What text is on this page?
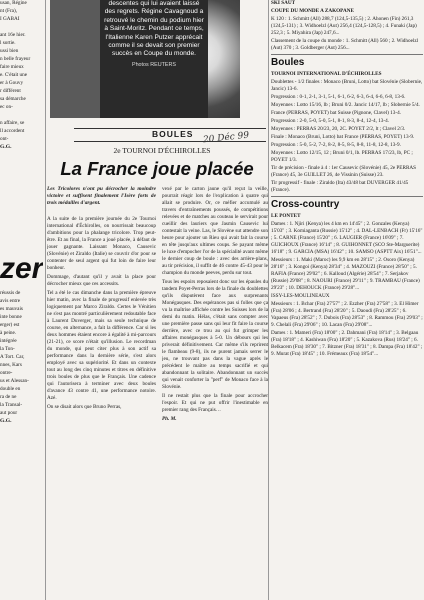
usan, Régine
nt (Fra),
I GABAI

ant 16e hier.
l sortie.
ussi bien
n belle frayeur
faire mieux
e. C'était une
er à Gouvy
r différent
sa démarche
ec on-

n affaire, se
ll accordent
ont-
G.G.
zer
réussis de
avis entre
es mauvais
inte bonne
erger) est
à peine.
intégrée
la Ton-
A Tort. Car,
nnes, Kars
ontre-
us et Alessan-
double en
ra de ne
la Transal-
aut pour
G.G.
descentes qui lui avaient laissé des regrets. Régine Cavagnoud a retrouvé le chemin du podium hier à Saint-Moritz. Pendant ce temps, l'Italienne Karen Putzer apprécait comme il se devait son premier succès en Coupe du monde.
Photos REUTERS
BOULES 20 Déc 99
2e TOURNOI D'ÉCHIROLLES
La France joue placée
Les Tricolores n'ont pu décrocher la moindre victoire et suffisent finalement l'Isère forts de trois médailles d'argent.

A la suite de la première journée du 2e Tournoi international d'Échirolles, on nourrissait beaucoup d'ambitions pour la phalange tricolore. Trop peut-être. Et au final, la France a joué placée, à défaut de jouer gagnante. Laissant Monaco, Causevic (Slovénie) et Ziraldo (Italie) se couvrir d'or pour se contenter de seul argent qui fut loin de faire leur bonheur.

Dommage, d'autant qu'il y avait la place pour décrocher mieux que ces accessits.

Tel a été le cas dimanche dans la première épreuve hier matin, avec la finale de progressif enlevée très logiquement par Marco Ziraldo. Certes le Vénitien ne s'est pas montré particulièrement redoutable face à Laurent Duverger, mais sa seule technique de course, en alternance, a fait la différence. Car si les deux hommes étaient encore à égalité à mi-parcours (21-21), ce score n'était qu'illusion. Le recordman du monde, qui peut citer plus à son actif sa performance dans la dernière série, s'est alors employé avec sa supériorité. Et dans un contexte tout au long des cinq minutes et titres en définitive trois boules de plus que le Français. Une cadence qui l'autorisera à terminer avec deux boules d'avance 43 contre 41, une performance notoire. Azé.

On se disait alors que Bruno Perras,

vexé par le carton jaune qu'il reçut la veille, pourrait réagir lors de l'explication à quatre qui allait se produire. Or, ce méfier accumulé au travers d'entraînements poussés, de compétitions relevées et de matches au couteau le servirait pour cueillir des lauriers que Jasmin Causevic lui contestait la veine. Las, le Slovène sut attendre son heure pour ajouter un Rieu qui avait fait la course en tête jusqu'aux ultimes coups. Se payant même le luxe d'empocher l'or de la spécialité avant même le dernier coup de boule : avec des arrière-plans, au tir précision, il suffit de 46 contre 45-43 pour le champion du monde peeves, perdu sur tout.

Tous les espoirs reposaient donc sur les épaules du tandem Poyet-Perras lors de la finale du doublettes qu'ils disputèrent face aux surprenants Monégasques. Des espérances pas si folles que ça vu la maîtrise affichée contre les Suisses lors de la demi du matin. Hélas, c'était sans compter avec une première passe sans qui leur fit faire la course derrière, avec ce trou au qui fut grimper les affaires monégasques à 5-0. Un débours qui les priverait définitivement. Car même s'ils reprirent le flambeau (9-8), ils ne purent jamais serrer le jeu, ne trouvant pas dans la vague après le précédent le maître au temps sacrifié et qui abandonnant la solitaire. Abandonnant un succès qui venait conforter la "perf" de Monaco face à la Slovénie.

Il ne restait plus que la finale pour accrocher l'espoir. Et qui ne put offrir l'inestimable en premier rang des Français…

Ph. M.

SKI SAUT
COUPE DU MONDE A ZAKOPANE
K 120 : 1. Schmitt (All) 288,7 (124,5-135,5) ; 2. Ahonen (Fin) 261,3 (124,5-131) ; 3. Widhoelzl (Aut) 256,4 (124,5-128,5) ; 4. Funaki (Jap) 252,3 ; 5. Miyahira (Jap) 247,6...
Classement de la coupe du monde : 1. Schmitt (All) 560 ; 2. Widhoelzl (Aut) 370 ; 3. Goldberger (Aut) 256...
Boules
TOURNOI INTERNATIONAL D'ÉCHIROLLES
Doublettes - 1/2 finales : Monaco (Bruni, Lotto) bat Slovénie (Slobernie, Jancic) 13-6.
Progression : 0-1, 2-1, 3-1, 5-1, 6-1, 6-2, 6-3, 6-4, 6-6, 6-8, 13-6.
Moyennes : Lotto 15/16, lb ; Bruni 0/2. Jancic 14/17, lb ; Slobernie 5/4.
France (PERRAS, POYET) bat Suisse (Pignone, Clavel) 13-4.
Progression : 2-0, 5-0, 5-0, 5-1, 8-1, 8-3, 8-4, 12-4, 13-4.
Moyennes : PERRAS 20/23, 20, 2C. POYET 2/2, lt ; Clavel 2/3.
Finale : Monaco (Bruni, Lotto) bat France (PERRAS, POYET) 13-9.
Progression : 5-0, 5-2, 7-2, 8-2, 8-5, 8-5, 8-8, 11-8, 12-8, 13-9.
Moyennes : Lotto 12/15, 12 ; Bruni 0/1, lb. PERRAS 17/23, lb, PC ; POYET 1/3.
Tir de précision - finale à 4 : 1er Causevic (Slovénie) 45, 2e PERRAS (France) 45, 3e GUILLET 26, 4e Vissinin (Suisse) 23.
Tir progressif - finale : Ziraldo (Ita) 43/48 bat DUVERGER 41/45 (France).
Cross-country
LE PONTET
Dames : 1. Njiri (Kenya) les 4 km en 14'45" ; 2. Gonzales (Kenya) 15'03" ; 3. Komiaganta (Russie) 15'12" ; 4. DAL-LENBACH (Fr) 15'16" ; 5. CARNE (France) 15'20" ; 6. LAUGIER (France) 16'09" ; 7. GUICHOUX (France) 16'14" ; 8. GUIHONNET (SCO Ste-Marguerite) 16'18" ; 9. GARCIA (MSA) 16'42" ; 10. SAMSO (ASPTT Aix) 16'51"...
Messieurs : 1. Maki (Maroc) les 9,9 km en 28'15" ; 2. Osoro (Kenya) 28'16" ; 3. Kongoi (Kenya) 28'34" ; 4. MAZOUZI (France) 28'50" ; 5. RAFIA (France) 29'02" ; 6. Kalloud (Algérie) 28'54" ; 7. Serjakov (Russie) 29'08" ; 8. NAOURI (France) 29'11" ; 9. TRAMBAU (France) 29'23" ; 10. DEHOUCK (France) 29'28"...
ISSY-LES-MOULINEAUX
Messieurs : 1. Bchar (Fra) 27'57" ; 2. Ezzher (Fra) 27'58" ; 3. El Himer (Fra) 28'06 ; 4. Bertrand (Fra) 28'20" ; 5. Daoudi (Fra) 28'25" ; 6. Vapaeus (Fra) 28'52" ; 7. Dubois (Fra) 28'53" ; 8. Rammou (Fra) 29'03" ; 9. Chelali (Fra) 29'06" ; 10. Lacan (Fra) 29'08"...
Dames : 1. Mameri (Fra) 18'00" ; 2. Dahmani (Fra) 18'14" ; 3. Belgaau (Fra) 18'18" ; 4. Kashiwan (Fra) 18'20" ; 5. Kazakova (Rus) 18'24" ; 6. Belkacem (Fra) 18'30" ; 7. Bitzner (Fra) 18'31" ; 8. Dampa (Fra) 18'42" ; 9. Murat (Fra) 18'45" ; 10. Frémeaux (Fra) 18'54"...
